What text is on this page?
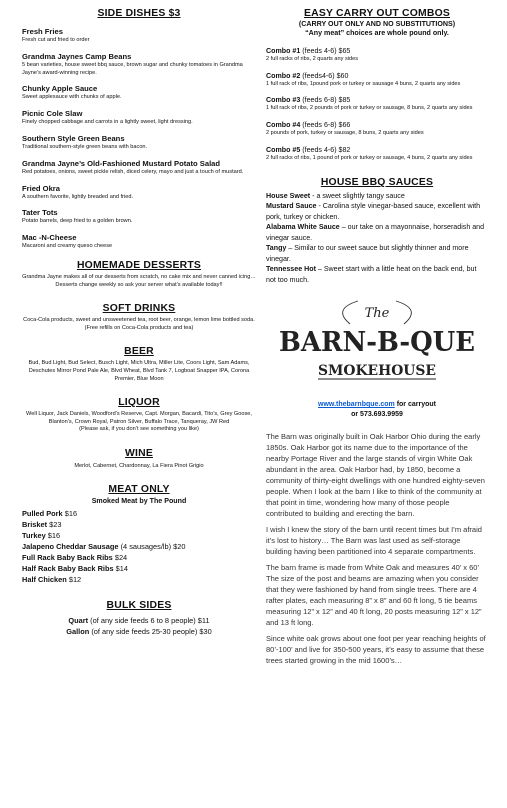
SIDE DISHES $3
Fresh Fries
Fresh cut and fried to order
Grandma Jaynes Camp Beans
5 bean varieties, house sweet bbq sauce, brown sugar and chunky tomatoes in Grandma Jayne’s award-winning recipe.
Chunky Apple Sauce
Sweet applesauce with chunks of apple.
Picnic Cole Slaw
Finely chopped cabbage and carrots in a lightly sweet, light dressing.
Southern Style Green Beans
Traditional southern-style green beans with bacon.
Grandma Jayne’s Old-Fashioned Mustard Potato Salad
Red potatoes, onions, sweet pickle relish, diced celery, mayo and just a touch of mustard.
Fried Okra
A southern favorite, lightly breaded and fried.
Tater Tots
Potato barrels, deep fried to a golden brown.
Mac -N-Cheese
Macaroni and creamy queso cheese
HOMEMADE DESSERTS
Grandma Jayne makes all of our desserts from scratch, no cake mix and never canned icing… Desserts change weekly so ask your server what’s available today!!
SOFT DRINKS
Coca-Cola products, sweet and unsweetened tea, root beer, orange, lemon lime bottled soda.
(Free refills on Coca-Cola products and tea)
BEER
Bud, Bud Light, Bud Select, Busch Light, Mich Ultra, Miller Lite, Coors Light, Sam Adams, Deschutes Mirror Pond Pale Ale, Blvd Wheat, Blvd Tank 7, Logboat Snapper IPA, Corona Premier, Blue Moon
LIQUOR
Well Liquor, Jack Daniels, Woodford’s Reserve, Capt. Morgan, Bacardi, Tito’s, Grey Goose, Blanton’s, Crown Royal, Patron Silver, Buffalo Trace, Tanqueray, JW Red
(Please ask, if you don’t see something you like)
WINE
Merlot, Cabernet, Chardonnay, La Fiera Pinot Grigio
MEAT ONLY
Smoked Meat by The Pound
Pulled Pork $16
Brisket $23
Turkey $16
Jalapeno Cheddar Sausage (4 sausages/lb) $20
Full Rack Baby Back Ribs $24
Half Rack Baby Back Ribs $14
Half Chicken $12
BULK SIDES
Quart (of any side feeds 6 to 8 people) $11
Gallon (of any side feeds 25-30 people) $30
EASY CARRY OUT COMBOS
(CARRY OUT ONLY AND NO SUBSTITUTIONS)
“Any meat” choices are whole pound only.
Combo #1 (feeds 4-6) $65
2 full racks of ribs, 2 quarts any sides
Combo #2 (feeds4-6) $60
1 full rack of ribs, 1pound pork or turkey or sausage 4 buns, 2 quarts any sides
Combo #3 (feeds 6-8) $85
1 full rack of ribs, 2 pounds of pork or turkey or sausage, 8 buns, 2 quarts any sides
Combo #4 (feeds 6-8) $66
2 pounds of pork, turkey or sausage, 8 buns, 2 quarts any sides
Combo #5 (feeds 4-6) $82
2 full racks of ribs, 1 pound of pork or turkey or sausage, 4 buns, 2 quarts any sides
HOUSE BBQ SAUCES
House Sweet - a sweet slightly tangy sauce
Mustard Sauce - Carolina style vinegar-based sauce, excellent with pork, turkey or chicken.
Alabama White Sauce – our take on a mayonnaise, horseradish and vinegar sauce.
Tangy – Similar to our sweet sauce but slightly thinner and more vinegar.
Tennessee Hot – Sweet start with a little heat on the back end, but not too much.
The
BARN-B-QUE
SMOKEHOUSE
www.thebarnbque.com for carryout
or 573.693.9959

The Barn was originally built in Oak Harbor Ohio during the early 1850s. Oak Harbor got its name due to the importance of the nearby Portage River and the large stands of virgin White Oak abundant in the area. Oak Harbor had, by 1850, become a community of thirty-eight dwellings with one hundred eighty-seven people. When I look at the barn I like to think of the community at that point in time, wondering how many of those people contributed to building and erecting the barn.

I wish I knew the story of the barn until recent times but I’m afraid it’s lost to history… The Barn was last used as self-storage building having been partitioned into 4 separate compartments.

The barn frame is made from White Oak and measures 40’ x 60’ The size of the post and beams are amazing when you consider that they were fashioned by hand from single trees. There are 4 rafter plates, each measuring 8” x 8” and 60 ft long, 5 tie beams measuring 12” x 12” and 40 ft long, 20 posts measuring 12” x 12” and 13 ft long.

Since white oak grows about one foot per year reaching heights of 80’-100’ and live for 350-500 years, it’s easy to assume that these trees started growing in the mid 1600’s…
